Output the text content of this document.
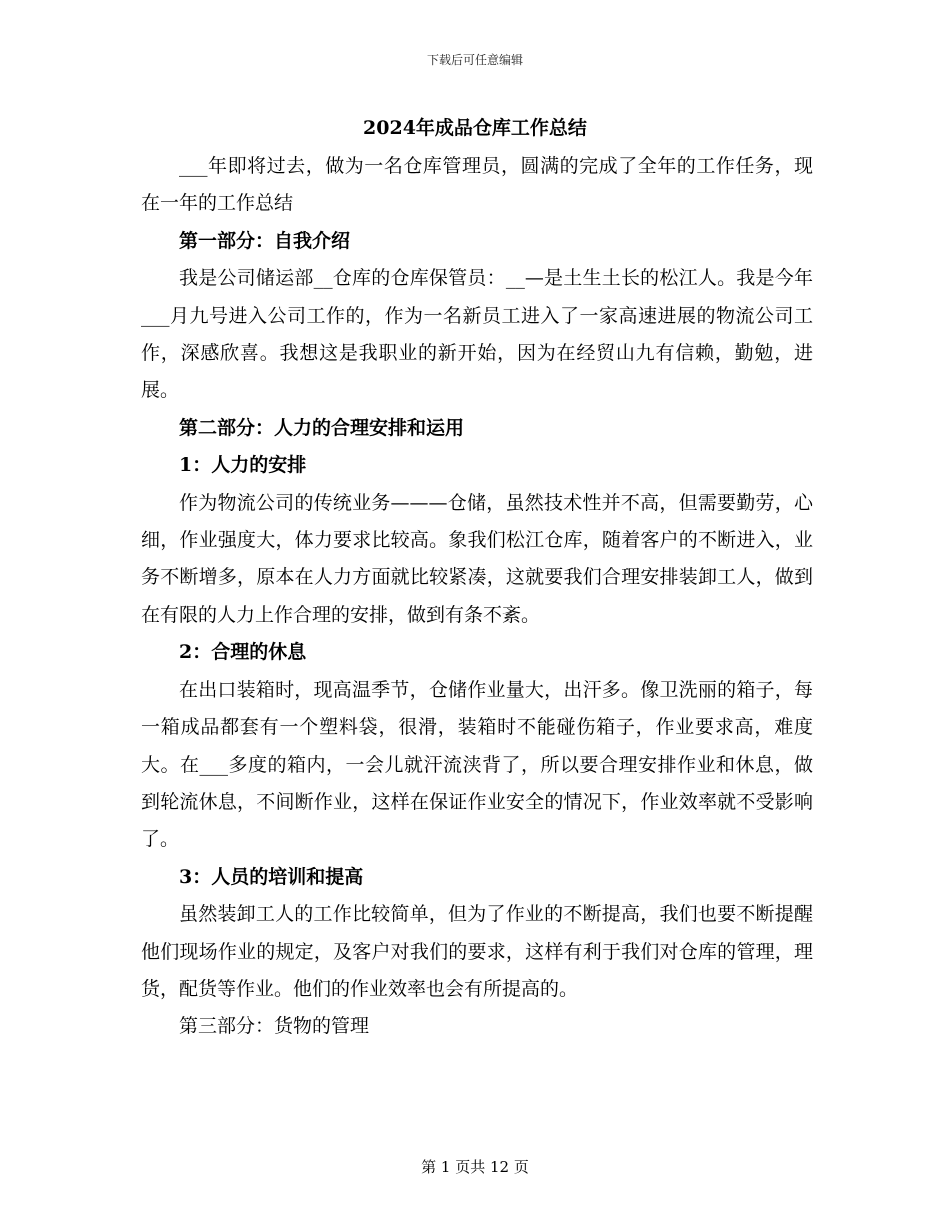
下载后可任意编辑
2024年成品仓库工作总结

___年即将过去，做为一名仓库管理员，圆满的完成了全年的工作任务，现在一年的工作总结

第一部分：自我介绍

我是公司储运部__仓库的仓库保管员：__—是土生土长的松江人。我是今年___月九号进入公司工作的，作为一名新员工进入了一家高速进展的物流公司工作，深感欣喜。我想这是我职业的新开始，因为在经贸山九有信赖，勤勉，进展。

第二部分：人力的合理安排和运用

1：人力的安排

作为物流公司的传统业务———仓储，虽然技术性并不高，但需要勤劳，心细，作业强度大，体力要求比较高。象我们松江仓库，随着客户的不断进入，业务不断增多，原本在人力方面就比较紧凑，这就要我们合理安排装卸工人，做到在有限的人力上作合理的安排，做到有条不紊。

2：合理的休息

在出口装箱时，现高温季节，仓储作业量大，出汗多。像卫洗丽的箱子，每一箱成品都套有一个塑料袋，很滑，装箱时不能碰伤箱子，作业要求高，难度大。在___多度的箱内，一会儿就汗流浃背了，所以要合理安排作业和休息，做到轮流休息，不间断作业，这样在保证作业安全的情况下，作业效率就不受影响了。

3：人员的培训和提高

虽然装卸工人的工作比较简单，但为了作业的不断提高，我们也要不断提醒他们现场作业的规定，及客户对我们的要求，这样有利于我们对仓库的管理，理货，配货等作业。他们的作业效率也会有所提高的。

第三部分：货物的管理

第 1 页共 12 页
